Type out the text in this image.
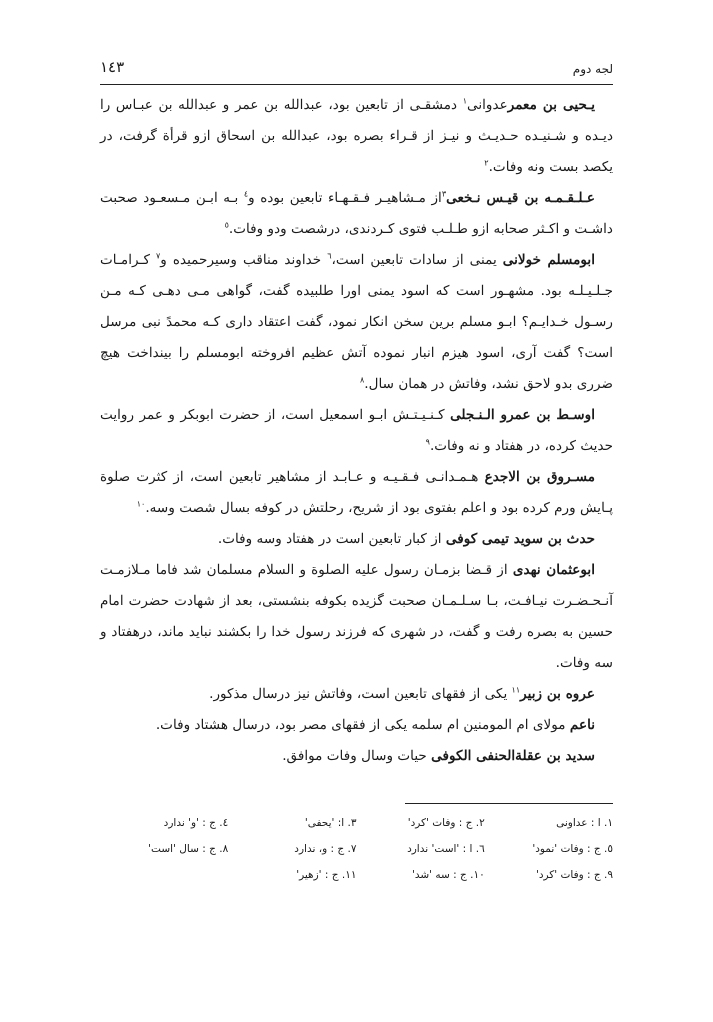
لجه دوم
١٤٣

یـحیی بن معمرعدوانی$^١$ دمشقـی از تابعین بود، عبدالله بن عمر و عبدالله بن عبـاس را دیـده و شـنیـده حـدیـث و نیـز از قـراء بصره بود، عبدالله بن اسحاق ازو قرأة گرفت، در یکصد بست ونه وفات.$^٢$

عـلـقـمـه بن قیـس نـخعی$^٣$از مـشاهیـر فـقـهـاء تابعین بوده و$^٤$ بـه ابـن مـسعـود صحبت داشـت و اکـثر صحابه ازو طـلـب فتوی کـردندی، درشصت ودو وفات.$^٥$

ابومسلم خولانی یمنی از سادات تابعین است،$^٦$ خداوند مناقب وسیرحمیده و$^٧$ کـرامـات جـلـیـلـه بود. مشهـور است که اسود یمنی اورا طلبیده گفت، گواهی مـی دهـی کـه مـن رسـول خـدایـم؟ ابـو مسلم برین سخن انکار نمود، گفت اعتقاد داری کـه محمدً نبی مرسل است؟ گفت آری، اسود هیزم انبار نموده آتش عظیم افروخته ابومسلم را بینداخت هیچ ضرری بدو لاحق نشد، وفاتش در همان سال.$^٨$

اوسـط بن عمرو الـنـجلی کـنـیـتـش ابـو اسمعیل است، از حضرت ابوبکر و عمر روایت حدیث کرده، در هفتاد و نه وفات.$^٩$

مسـروق بن الاجدع هـمـدانـی فـقـیـه و عـابـد از مشاهیر تابعین است، از کثرت صلوة پـایش ورم کرده بود و اعلم بفتوی بود از شریح، رحلتش در کوفه بسال شصت وسه.$^{١٠}$

حدث بن سوید تیمی کوفی از کبار تابعین است در هفتاد وسه وفات.

ابوعثمان نهدی از قـضا بزمـان رسول علیه الصلوة و السلام مسلمان شد فاما مـلازمـت آنـحـضـرت نیـافـت، بـا سـلـمـان صحبت گزیده بکوفه بنشستی، بعد از شهادت حضرت امام حسین به بصره رفت و گفت، در شهری که فرزند رسول خدا را بکشند نباید ماند، درهفتاد و سه وفات.

عروه بن زبیر$^{١١}$ یکی از فقهای تابعین است، وفاتش نیز درسال مذکور.

ناعم مولای ام المومنین ام سلمه یکی از فقهای مصر بود، درسال هشتاد وفات.

سدید بن عقلةالحنفی الکوفی حیات وسال وفات موافق.

١. ا : عداونی
٢. ج : وفات 'کرد'
٣. ا: 'یحفی'
٤. ج : 'و' ندارد
٥. ج : وفات 'نمود'
٦. ا : 'است' ندارد
٧. ج : و، ندارد
٨. ج : سال 'است'
٩. ج : وفات 'کرد'
١٠. ج : سه 'شد'
١١. ج : 'زهیر'
